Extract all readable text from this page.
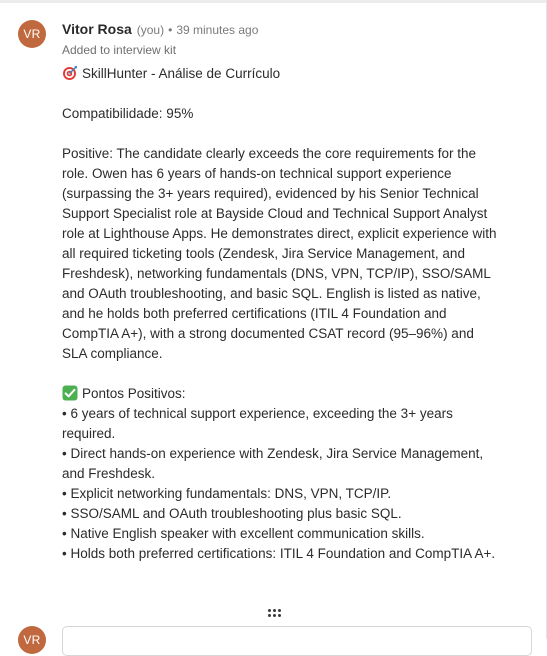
VR	Vitor Rosa (you) • 39 minutes ago
Added to interview kit

SkillHunter - Análise de Currículo

Compatibilidade: 95%

Positive: The candidate clearly exceeds the core requirements for the role. Owen has 6 years of hands-on technical support experience (surpassing the 3+ years required), evidenced by his Senior Technical Support Specialist role at Bayside Cloud and Technical Support Analyst role at Lighthouse Apps. He demonstrates direct, explicit experience with all required ticketing tools (Zendesk, Jira Service Management, and Freshdesk), networking fundamentals (DNS, VPN, TCP/IP), SSO/SAML and OAuth troubleshooting, and basic SQL. English is listed as native, and he holds both preferred certifications (ITIL 4 Foundation and CompTIA A+), with a strong documented CSAT record (95–96%) and SLA compliance.

Pontos Positivos:

• 6 years of technical support experience, exceeding the 3+ years required.
• Direct hands-on experience with Zendesk, Jira Service Management, and Freshdesk.
• Explicit networking fundamentals: DNS, VPN, TCP/IP.
• SSO/SAML and OAuth troubleshooting plus basic SQL.
• Native English speaker with excellent communication skills.
• Holds both preferred certifications: ITIL 4 Foundation and CompTIA A+.
VR
